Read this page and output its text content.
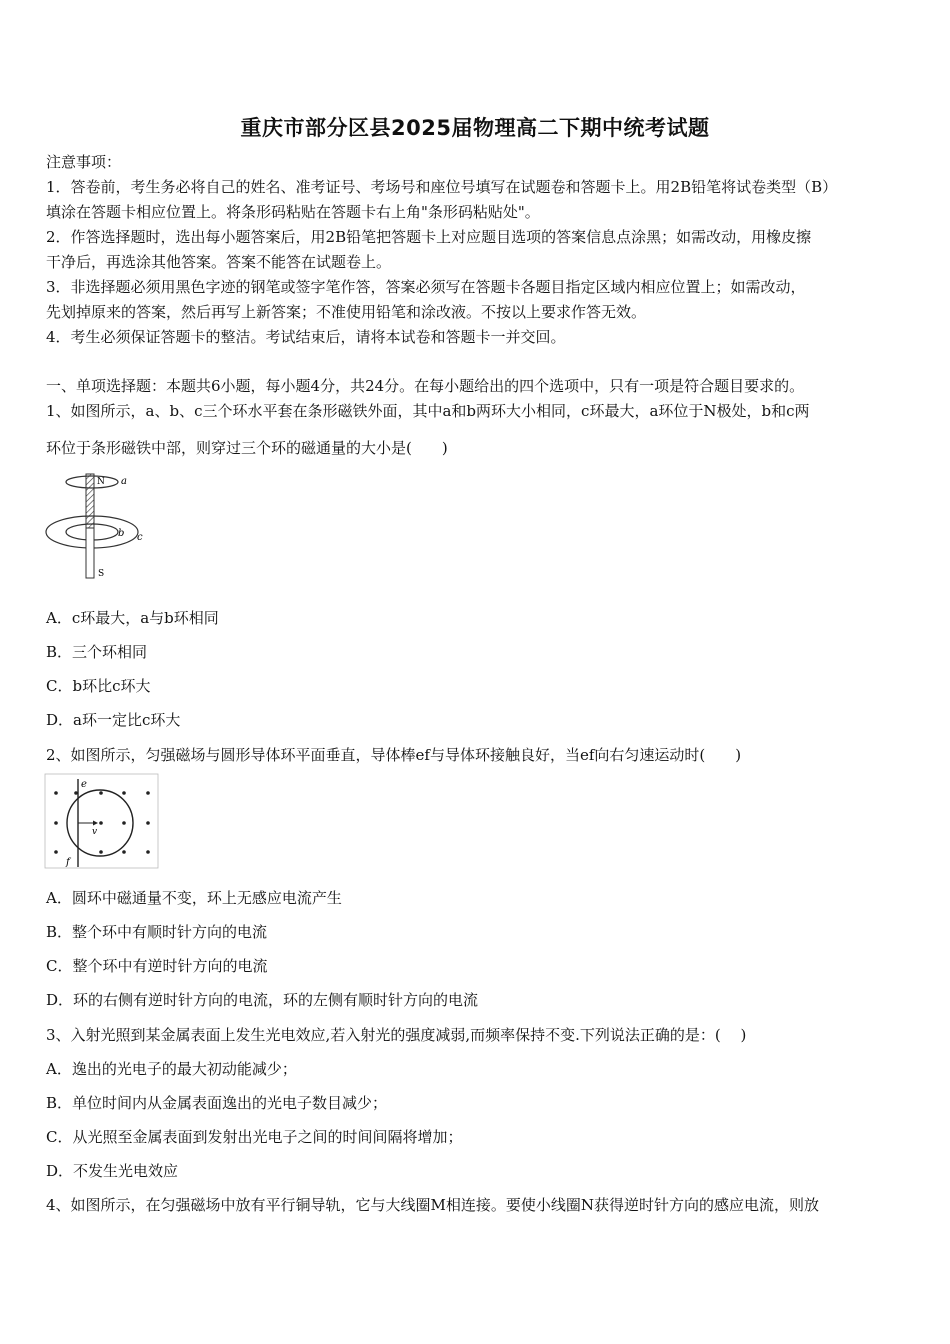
重庆市部分区县2025届物理高二下期中统考试题
注意事项：
1．答卷前，考生务必将自己的姓名、准考证号、考场号和座位号填写在试题卷和答题卡上。用2B铅笔将试卷类型（B）
填涂在答题卡相应位置上。将条形码粘贴在答题卡右上角"条形码粘贴处"。
2．作答选择题时，选出每小题答案后，用2B铅笔把答题卡上对应题目选项的答案信息点涂黑；如需改动，用橡皮擦
干净后，再选涂其他答案。答案不能答在试题卷上。
3．非选择题必须用黑色字迹的钢笔或签字笔作答，答案必须写在答题卡各题目指定区域内相应位置上；如需改动，
先划掉原来的答案，然后再写上新答案；不准使用铅笔和涂改液。不按以上要求作答无效。
4．考生必须保证答题卡的整洁。考试结束后，请将本试卷和答题卡一并交回。
一、单项选择题：本题共6小题，每小题4分，共24分。在每小题给出的四个选项中，只有一项是符合题目要求的。
1、如图所示，a、b、c三个环水平套在条形磁铁外面，其中a和b两环大小相同，c环最大，a环位于N极处，b和c两
环位于条形磁铁中部，则穿过三个环的磁通量的大小是(　　)
N a
b c
S
A．c环最大，a与b环相同
B．三个环相同
C．b环比c环大
D．a环一定比c环大
2、如图所示，匀强磁场与圆形导体环平面垂直，导体棒ef与导体环接触良好，当ef向右匀速运动时(　　)
e
v
f
A．圆环中磁通量不变，环上无感应电流产生
B．整个环中有顺时针方向的电流
C．整个环中有逆时针方向的电流
D．环的右侧有逆时针方向的电流，环的左侧有顺时针方向的电流
3、入射光照到某金属表面上发生光电效应,若入射光的强度减弱,而频率保持不变.下列说法正确的是：(　 )
A．逸出的光电子的最大初动能减少；
B．单位时间内从金属表面逸出的光电子数目减少；
C．从光照至金属表面到发射出光电子之间的时间间隔将增加；
D．不发生光电效应
4、如图所示，在匀强磁场中放有平行铜导轨，它与大线圈M相连接。要使小线圈N获得逆时针方向的感应电流，则放
